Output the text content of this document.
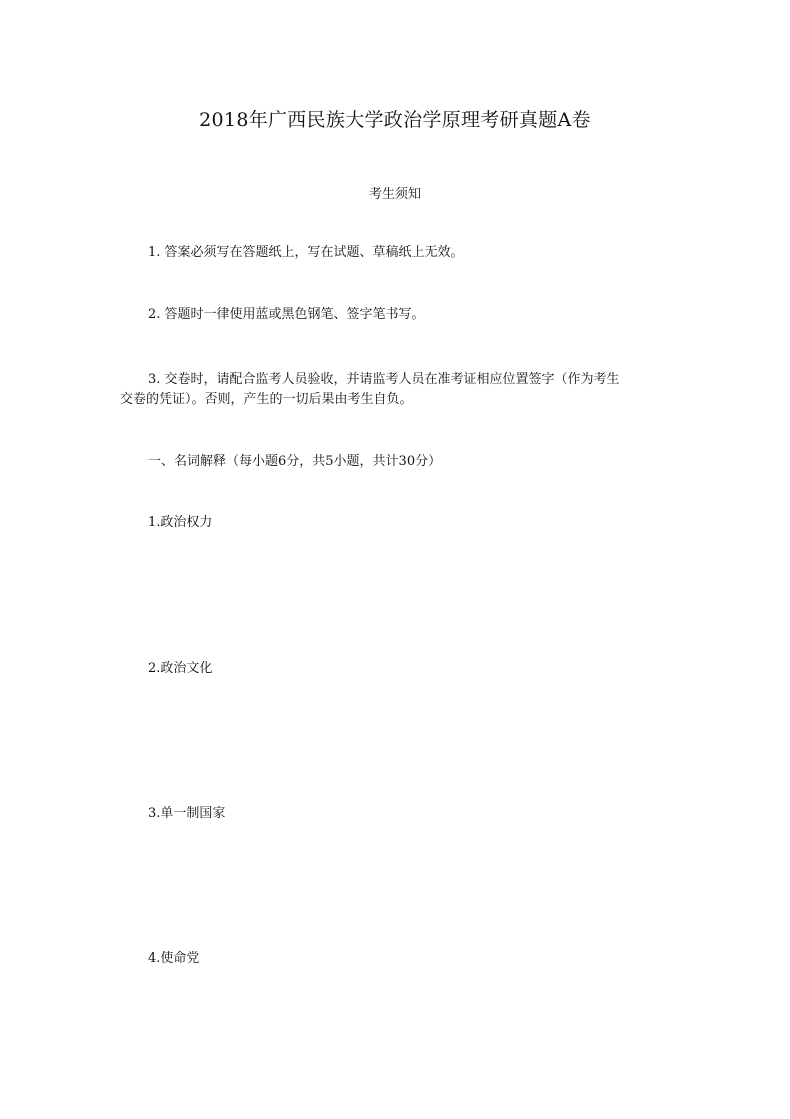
2018年广西民族大学政治学原理考研真题A卷
考生须知
1. 答案必须写在答题纸上，写在试题、草稿纸上无效。
2. 答题时一律使用蓝或黑色钢笔、签字笔书写。
3. 交卷时，请配合监考人员验收，并请监考人员在准考证相应位置签字（作为考生
交卷的凭证）。否则，产生的一切后果由考生自负。
一、名词解释（每小题6分，共5小题，共计30分）
1.政治权力
2.政治文化
3.单一制国家
4.使命党
